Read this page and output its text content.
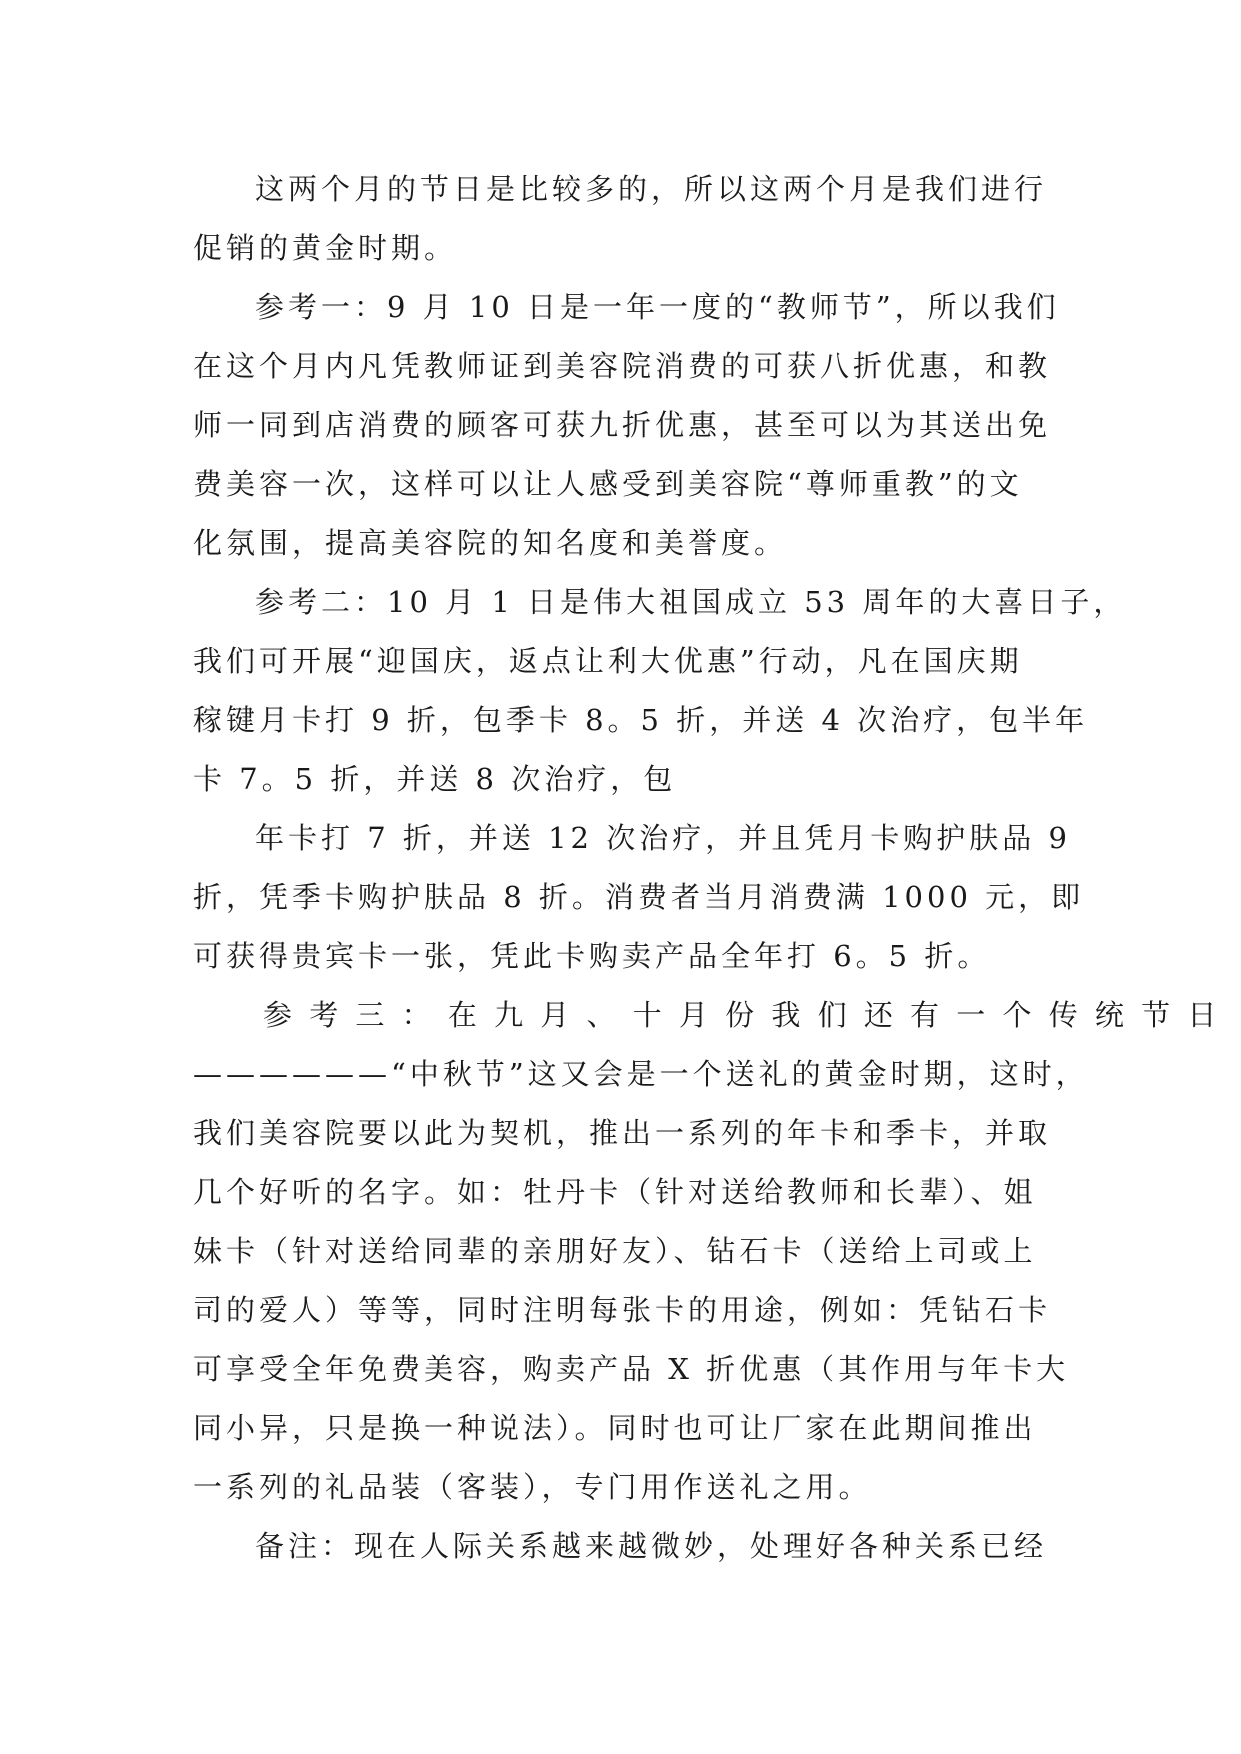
这两个月的节日是比较多的，所以这两个月是我们进行
促销的黄金时期。
参考一：9 月 10 日是一年一度的“教师节”，所以我们
在这个月内凡凭教师证到美容院消费的可获八折优惠，和教
师一同到店消费的顾客可获九折优惠，甚至可以为其送出免
费美容一次，这样可以让人感受到美容院“尊师重教”的文
化氛围，提高美容院的知名度和美誉度。
参考二：10 月 1 日是伟大祖国成立 53 周年的大喜日子，
我们可开展“迎国庆，返点让利大优惠”行动，凡在国庆期
稼键月卡打 9 折，包季卡 8。5 折，并送 4 次治疗，包半年
卡 7。5 折，并送 8 次治疗，包
年卡打 7 折，并送 12 次治疗，并且凭月卡购护肤品 9
折，凭季卡购护肤品 8 折。消费者当月消费满 1000 元，即
可获得贵宾卡一张，凭此卡购卖产品全年打 6。5 折。
参 考 三 ： 在 九 月 、 十 月 份 我 们 还 有 一 个 传 统 节 日
——————“中秋节”这又会是一个送礼的黄金时期，这时，
我们美容院要以此为契机，推出一系列的年卡和季卡，并取
几个好听的名字。如：牡丹卡（针对送给教师和长辈）、姐
妹卡（针对送给同辈的亲朋好友）、钻石卡（送给上司或上
司的爱人）等等，同时注明每张卡的用途，例如：凭钻石卡
可享受全年免费美容，购卖产品 X 折优惠（其作用与年卡大
同小异，只是换一种说法）。同时也可让厂家在此期间推出
一系列的礼品装（客装），专门用作送礼之用。
备注：现在人际关系越来越微妙，处理好各种关系已经
